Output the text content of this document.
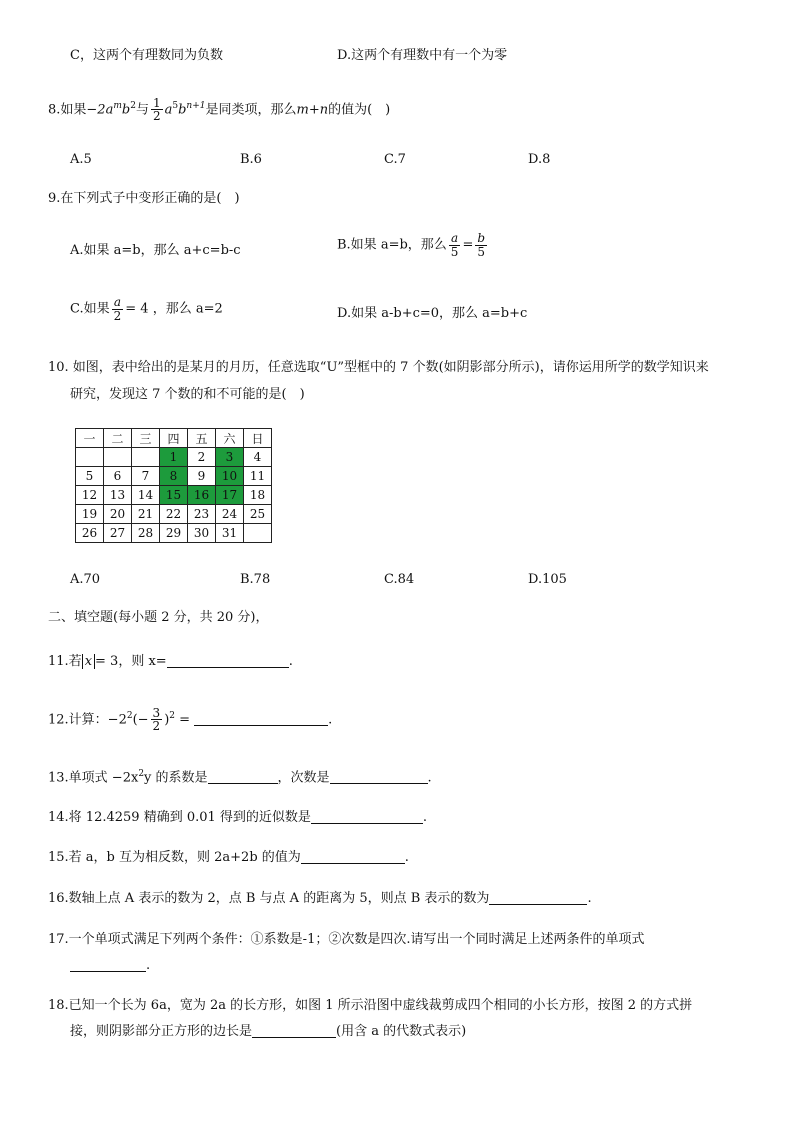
C，这两个有理数同为负数	D.这两个有理数中有一个为零
8.如果$-2a^mb^2$与 $\frac{1}{2} a^5b^{n+1}$是同类项，那么m+n的值为(　)
A.5	B.6	C.7	D.8
9.在下列式子中变形正确的是(　)
A.如果 a=b，那么 a+c=b-c	B.如果 a=b，那么 $\frac{a}{5} = \frac{b}{5}$
C.如果 $\frac{a}{2} = 4$ ，那么 a=2	D.如果 a-b+c=0，那么 a=b+c
10. 如图，表中给出的是某月的月历，任意选取“U”型框中的 7 个数(如阴影部分所示)，请你运用所学的数学知识来
研究，发现这 7 个数的和不可能的是(　)
一	二	三	四	五	六	日
			1	2	3	4
5	6	7	8	9	10	11
12	13	14	15	16	17	18
19	20	21	22	23	24	25
26	27	28	29	30	31	
A.70	B.78	C.84	D.105
二、填空题(每小题 2 分，共 20 分)，
11.若 x = 3，则 x=	.
12.计算：$-2^2(- \frac{3}{2} )^2$ =	.
13.单项式 $-2x^2y$ 的系数是	，次数是	.
14.将 12.4259 精确到 0.01 得到的近似数是	.
15.若 a，b 互为相反数，则 2a+2b 的值为	.
16.数轴上点 A 表示的数为 2，点 B 与点 A 的距离为 5，则点 B 表示的数为	.
17.一个单项式满足下列两个条件：①系数是-1；②次数是四次.请写出一个同时满足上述两条件的单项式
.
18.已知一个长为 6a，宽为 2a 的长方形，如图 1 所示沿图中虚线裁剪成四个相同的小长方形，按图 2 的方式拼
接，则阴影部分正方形的边长是	(用含 a 的代数式表示)
